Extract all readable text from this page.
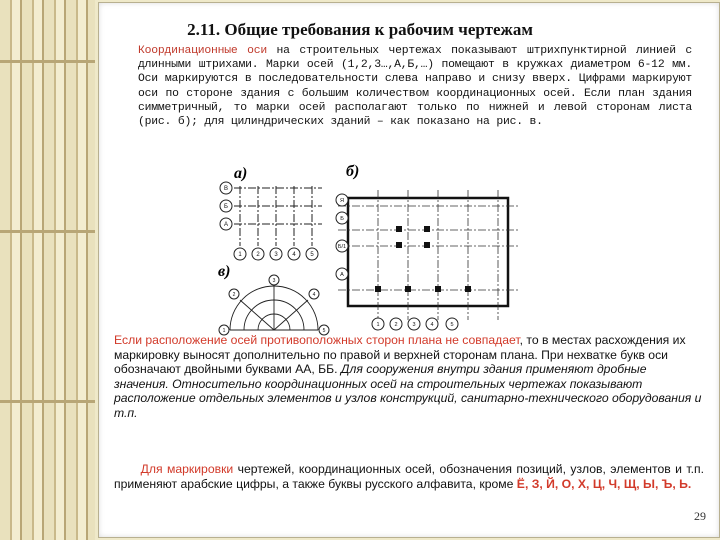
2.11. Общие требования к рабочим чертежам
Координационные оси на строительных чертежах показывают штрихпунктирной линией с длинными штрихами. Марки осей (1,2,3…,А,Б,…) помещают в кружках диаметром 6-12 мм. Оси маркируются в последовательности слева направо и снизу вверх. Цифрами маркируют оси по стороне здания с большим количеством координационных осей. Если план здания симметричный, то марки осей располагают только по нижней и левой сторонам листа (рис. б); для цилиндрических зданий – как показано на рис. в.
а)
В
Б
А
1 2 3 4 5
б)
Я
Б
Б/1
А
1	2	3	4	5
в)
1
2
3
4
5
Если расположение осей противоположных сторон плана не совпадает, то в местах расхождения их маркировку выносят дополнительно по правой и верхней сторонам плана. При нехватке букв оси обозначают двойными буквами АА, ББ. Для сооружения внутри здания применяют дробные значения. Относительно координационных осей на строительных чертежах показывают расположение отдельных элементов и узлов конструкций, санитарно-технического оборудования и т.п.
Для маркировки чертежей, координационных осей, обозначения позиций, узлов, элементов и т.п. применяют арабские цифры, а также буквы русского алфавита, кроме Ё, З, Й, О, Х, Ц, Ч, Щ, Ы, Ъ, Ь.
29
